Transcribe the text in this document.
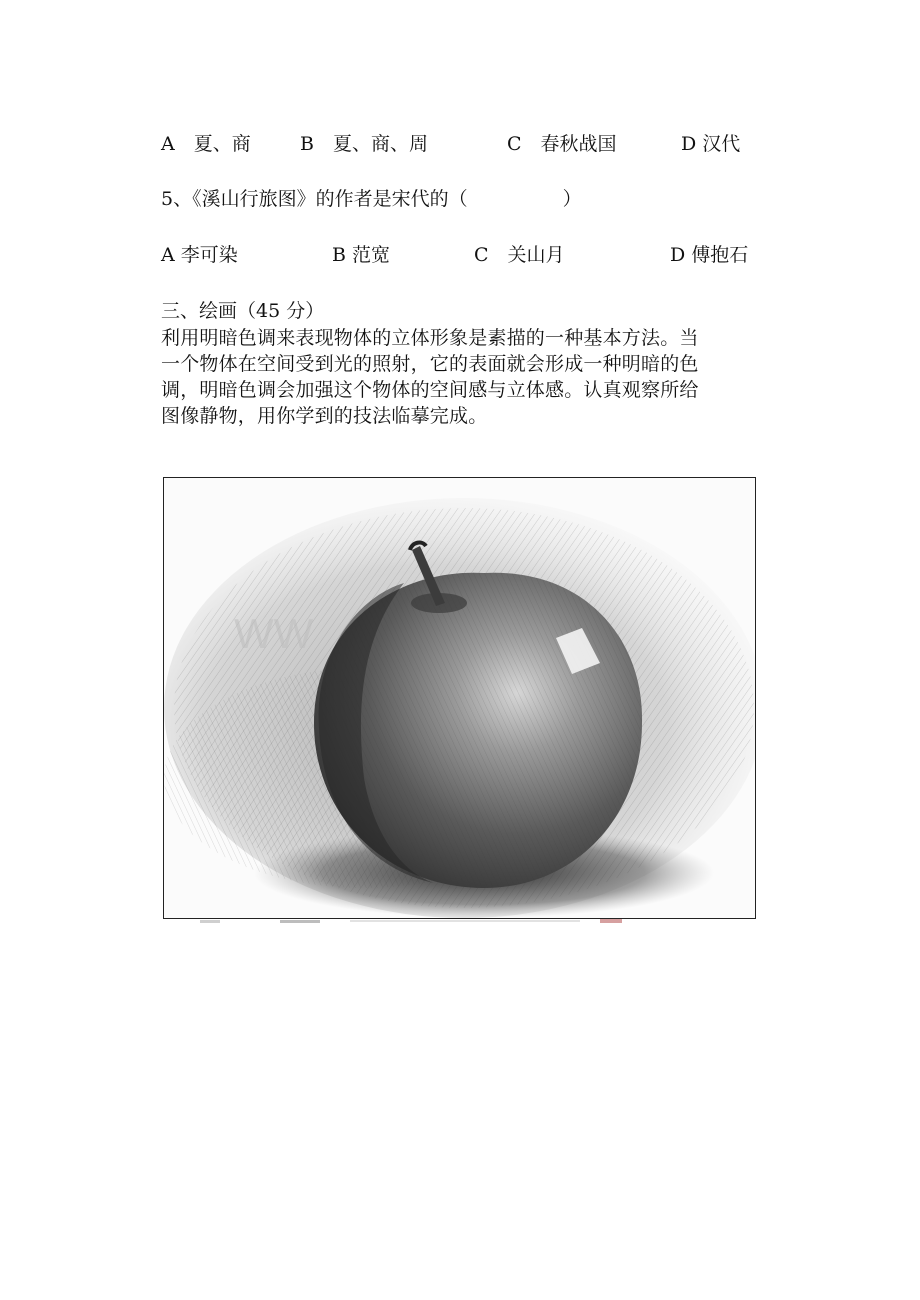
A　夏、商	B　夏、商、周	C　春秋战国	D 汉代
5、《溪山行旅图》的作者是宋代的（　　　　　）
A 李可染	B 范宽	C　关山月	D 傅抱石
三、绘画（45 分）
利用明暗色调来表现物体的立体形象是素描的一种基本方法。当
一个物体在空间受到光的照射，它的表面就会形成一种明暗的色
调，明暗色调会加强这个物体的空间感与立体感。认真观察所给
图像静物，用你学到的技法临摹完成。
WW
